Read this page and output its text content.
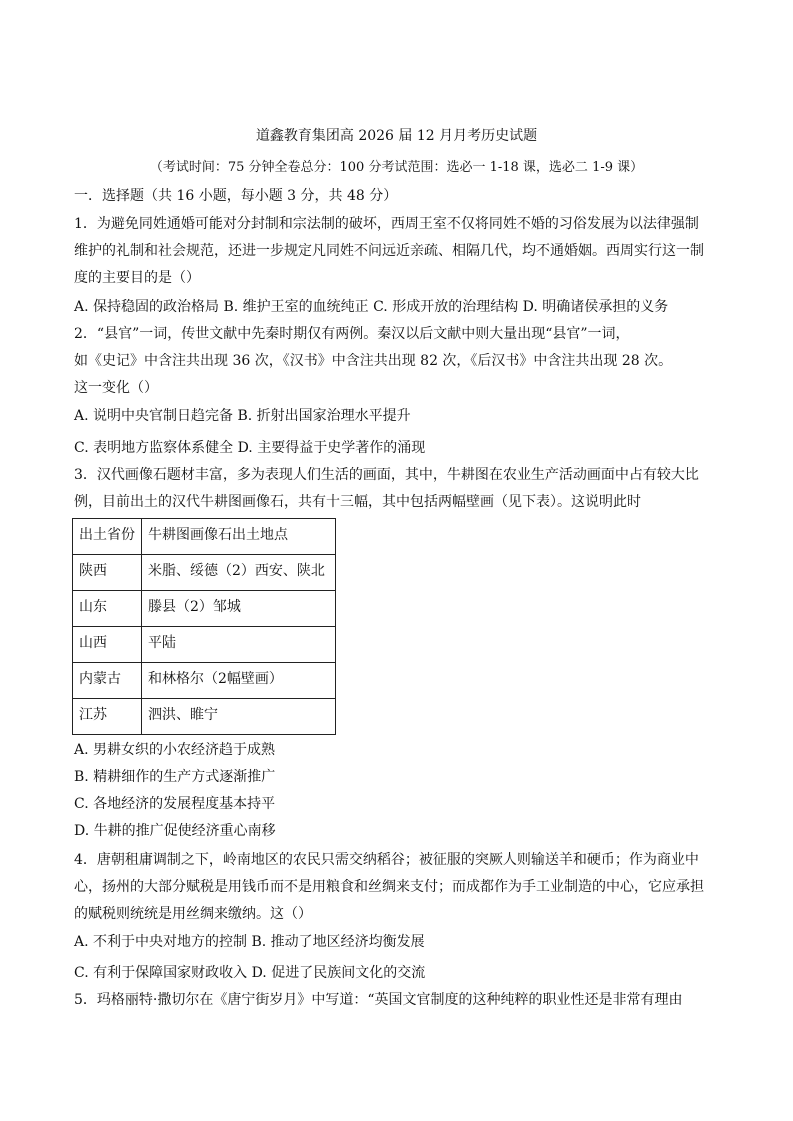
道鑫教育集团高 2026 届 12 月月考历史试题
（考试时间：75 分钟全卷总分：100 分考试范围：选必一 1-18 课，选必二 1-9 课）
一．选择题（共 16 小题，每小题 3 分，共 48 分）
1．为避免同姓通婚可能对分封制和宗法制的破坏，西周王室不仅将同姓不婚的习俗发展为以法律强制
维护的礼制和社会规范，还进一步规定凡同姓不问远近亲疏、相隔几代，均不通婚姻。西周实行这一制
度的主要目的是（）
A. 保持稳固的政治格局 B. 维护王室的血统纯正 C. 形成开放的治理结构 D. 明确诸侯承担的义务
2．“县官”一词，传世文献中先秦时期仅有两例。秦汉以后文献中则大量出现“县官”一词，
如《史记》中含注共出现 36 次，《汉书》中含注共出现 82 次，《后汉书》中含注共出现 28 次。
这一变化（）
A. 说明中央官制日趋完备 B. 折射出国家治理水平提升
C. 表明地方监察体系健全 D. 主要得益于史学著作的涌现
3．汉代画像石题材丰富，多为表现人们生活的画面，其中，牛耕图在农业生产活动画面中占有较大比
例，目前出土的汉代牛耕图画像石，共有十三幅，其中包括两幅壁画（见下表）。这说明此时
出土省份	牛耕图画像石出土地点
陕西	米脂、绥德（2）西安、陕北
山东	滕县（2）邹城
山西	平陆
内蒙古	和林格尔（2幅壁画）
江苏	泗洪、睢宁
A. 男耕女织的小农经济趋于成熟
B. 精耕细作的生产方式逐渐推广
C. 各地经济的发展程度基本持平
D. 牛耕的推广促使经济重心南移
4．唐朝租庸调制之下，岭南地区的农民只需交纳稻谷；被征服的突厥人则输送羊和硬币；作为商业中
心，扬州的大部分赋税是用钱币而不是用粮食和丝绸来支付；而成都作为手工业制造的中心，它应承担
的赋税则统统是用丝绸来缴纳。这（）
A. 不利于中央对地方的控制 B. 推动了地区经济均衡发展
C. 有利于保障国家财政收入 D. 促进了民族间文化的交流
5．玛格丽特·撒切尔在《唐宁街岁月》中写道：“英国文官制度的这种纯粹的职业性还是非常有理由
